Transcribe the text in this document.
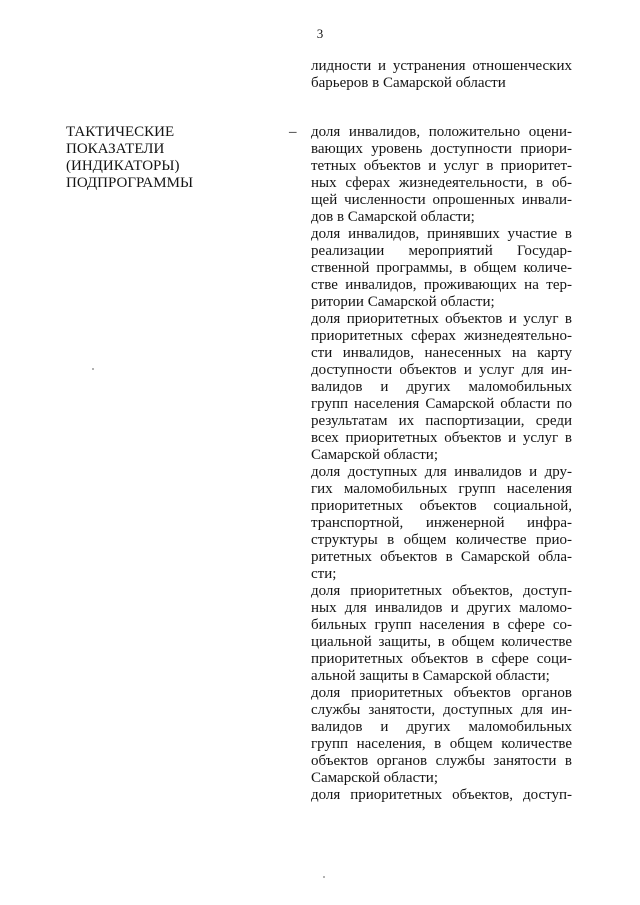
3
ТАКТИЧЕСКИЕ
ПОКАЗАТЕЛИ
(ИНДИКАТОРЫ)
ПОДПРОГРАММЫ
лидности и устранения отношенческих
барьеров в Самарской области
– доля инвалидов, положительно оцени-
вающих уровень доступности приори-
тетных объектов и услуг в приоритет-
ных сферах жизнедеятельности, в об-
щей численности опрошенных инвали-
дов в Самарской области;
доля инвалидов, принявших участие в
реализации мероприятий Государ-
ственной программы, в общем количе-
стве инвалидов, проживающих на тер-
ритории Самарской области;
доля приоритетных объектов и услуг в
приоритетных сферах жизнедеятельно-
сти инвалидов, нанесенных на карту
доступности объектов и услуг для ин-
валидов и других маломобильных
групп населения Самарской области по
результатам их паспортизации, среди
всех приоритетных объектов и услуг в
Самарской области;
доля доступных для инвалидов и дру-
гих маломобильных групп населения
приоритетных объектов социальной,
транспортной, инженерной инфра-
структуры в общем количестве прио-
ритетных объектов в Самарской обла-
сти;
доля приоритетных объектов, доступ-
ных для инвалидов и других маломо-
бильных групп населения в сфере со-
циальной защиты, в общем количестве
приоритетных объектов в сфере соци-
альной защиты в Самарской области;
доля приоритетных объектов органов
службы занятости, доступных для ин-
валидов и других маломобильных
групп населения, в общем количестве
объектов органов службы занятости в
Самарской области;
доля приоритетных объектов, доступ-
